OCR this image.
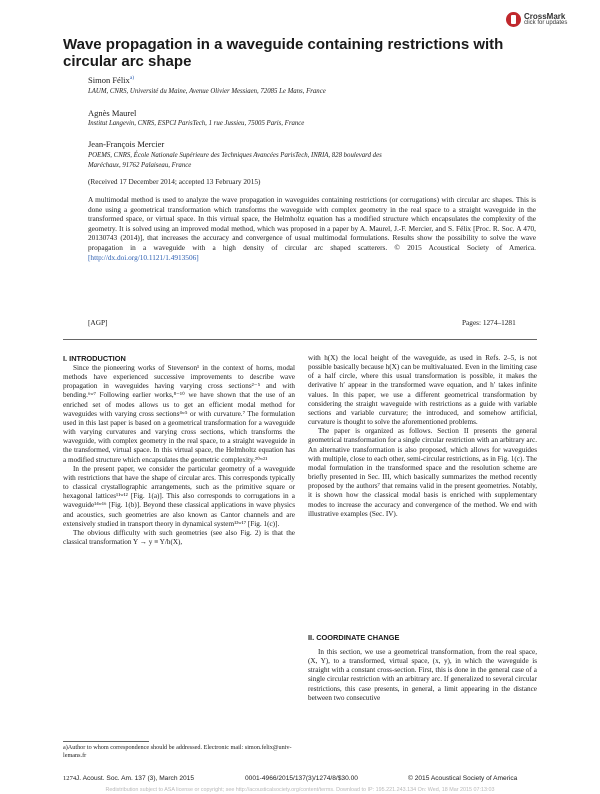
CrossMark
click for updates
Wave propagation in a waveguide containing restrictions with circular arc shape
Simon Félix$^{a)}$
LAUM, CNRS, Université du Maine, Avenue Olivier Messiaen, 72085 Le Mans, France
Agnès Maurel
Institut Langevin, CNRS, ESPCI ParisTech, 1 rue Jussieu, 75005 Paris, France
Jean-François Mercier
POEMS, CNRS, École Nationale Supérieure des Techniques Avancées ParisTech, INRIA, 828 boulevard des Maréchaux, 91762 Palaiseau, France
(Received 17 December 2014; accepted 13 February 2015)
A multimodal method is used to analyze the wave propagation in waveguides containing restrictions (or corrugations) with circular arc shapes. This is done using a geometrical transformation which transforms the waveguide with complex geometry in the real space to a straight waveguide in the transformed space, or virtual space. In this virtual space, the Helmholtz equation has a modified structure which encapsulates the complexity of the geometry. It is solved using an improved modal method, which was proposed in a paper by A. Maurel, J.-F. Mercier, and S. Félix [Proc. R. Soc. A 470, 20130743 (2014)], that increases the accuracy and convergence of usual multimodal formulations. Results show the possibility to solve the wave propagation in a waveguide with a high density of circular arc shaped scatterers. © 2015 Acoustical Society of America. [http://dx.doi.org/10.1121/1.4913506]
[AGP]	Pages: 1274–1281
I. INTRODUCTION

Since the pioneering works of Stevenson¹ in the context of horns, modal methods have experienced successive improvements to describe wave propagation in waveguides having varying cross sections²⁻⁵ and with bending.⁶ʷ⁷ Following earlier works,⁸⁻¹⁰ we have shown that the use of an enriched set of modes allows us to get an efficient modal method for waveguides with varying cross sections⁴ʷ⁵ or with curvature.⁷ The formulation used in this last paper is based on a geometrical transformation for a waveguide with varying curvatures and varying cross sections, which transforms the waveguide, with complex geometry in the real space, to a straight waveguide in the transformed, virtual space. In this virtual space, the Helmholtz equation has a modified structure which encapsulates the geometric complexity.²⁰ʷ²¹

In the present paper, we consider the particular geometry of a waveguide with restrictions that have the shape of circular arcs. This corresponds typically to classical crystallographic arrangements, such as the primitive square or hexagonal lattices¹¹ʷ¹² [Fig. 1(a)]. This also corresponds to corrugations in a waveguide¹⁴ʷ¹⁶ [Fig. 1(b)]. Beyond these classical applications in wave physics and acoustics, such geometries are also known as Cantor channels and are extensively studied in transport theory in dynamical system¹³ʷ¹⁷ [Fig. 1(c)].

The obvious difficulty with such geometries (see also Fig. 2) is that the classical transformation Y → y ≡ Y/h(X),

with h(X) the local height of the waveguide, as used in Refs. 2–5, is not possible basically because h(X) can be multivaluated. Even in the limiting case of a half circle, where this usual transformation is possible, it makes the derivative h′ appear in the transformed wave equation, and h′ takes infinite values. In this paper, we use a different geometrical transformation by considering the straight waveguide with restrictions as a guide with variable sections and variable curvature; the introduced, and somehow artificial, curvature is thought to solve the aforementioned problems.

The paper is organized as follows. Section II presents the general geometrical transformation for a single circular restriction with an arbitrary arc. An alternative transformation is also proposed, which allows for waveguides with multiple, close to each other, semi-circular restrictions, as in Fig. 1(c). The modal formulation in the transformed space and the resolution scheme are briefly presented in Sec. III, which basically summarizes the method recently proposed by the authors⁷ that remains valid in the present geometries. Notably, it is shown how the classical modal basis is enriched with supplementary modes to increase the accuracy and convergence of the method. We end with illustrative examples (Sec. IV).

II. COORDINATE CHANGE

In this section, we use a geometrical transformation, from the real space, (X, Y), to a transformed, virtual space, (x, y), in which the waveguide is straight with a constant cross-section. First, this is done in the general case of a single circular restriction with an arbitrary arc. If generalized to several circular restrictions, this case presents, in general, a limit appearing in the distance between two consecutive

a)Author to whom correspondence should be addressed. Electronic mail: simon.felix@univ-lemans.fr
1274 J. Acoust. Soc. Am. 137 (3), March 2015	0001-4966/2015/137(3)/1274/8/$30.00	© 2015 Acoustical Society of America
Redistribution subject to ASA license or copyright; see http://acousticalsociety.org/content/terms. Download to IP: 195.221.243.134 On: Wed, 18 Mar 2015 07:13:03
